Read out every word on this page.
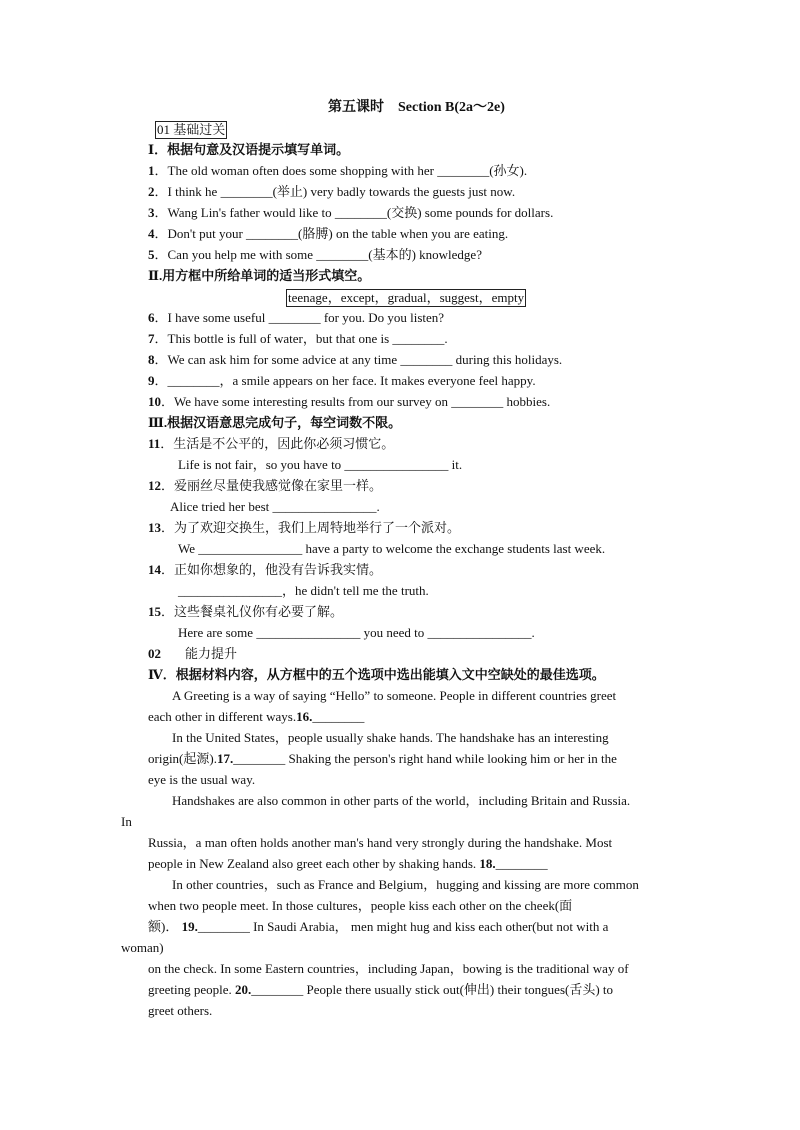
第五课时　Section B(2a～2e)
01 基础过关
Ⅰ．根据句意及汉语提示填写单词。
1．The old woman often does some shopping with her ________(孙女).
2．I think he ________(举止) very badly towards the guests just now.
3．Wang Lin's father would like to ________(交换) some pounds for dollars.
4．Don't put your ________(胳膊) on the table when you are eating.
5．Can you help me with some ________(基本的) knowledge?
Ⅱ.用方框中所给单词的适当形式填空。
teenage，except，gradual，suggest，empty
6．I have some useful ________ for you. Do you listen?
7．This bottle is full of water，but that one is ________.
8．We can ask him for some advice at any time ________ during this holidays.
9．________，a smile appears on her face. It makes everyone feel happy.
10．We have some interesting results from our survey on ________ hobbies.
Ⅲ.根据汉语意思完成句子，每空词数不限。
11．生活是不公平的，因此你必须习惯它。
Life is not fair，so you have to ________________ it.
12．爱丽丝尽量使我感觉像在家里一样。
Alice tried her best ________________.
13．为了欢迎交换生，我们上周特地举行了一个派对。
We ________________ have a party to welcome the exchange students last week.
14．正如你想象的，他没有告诉我实情。
________________，he didn't tell me the truth.
15．这些餐桌礼仪你有必要了解。
Here are some ________________ you need to ________________.
02 能力提升
Ⅳ．根据材料内容，从方框中的五个选项中选出能填入文中空缺处的最佳选项。
A Greeting is a way of saying “Hello” to someone. People in different countries greet
each other in different ways.16.________
In the United States，people usually shake hands. The handshake has an interesting
origin(起源).17.________ Shaking the person's right hand while looking him or her in the
eye is the usual way.
Handshakes are also common in other parts of the world，including Britain and Russia.
In
Russia，a man often holds another man's hand very strongly during the handshake. Most
people in New Zealand also greet each other by shaking hands. 18.________
In other countries，such as France and Belgium，hugging and kissing are more common
when two people meet. In those cultures，people kiss each other on the cheek(面
额)． 19.________ In Saudi Arabia， men might hug and kiss each other(but not with a
woman)
on the check. In some Eastern countries，including Japan，bowing is the traditional way of
greeting people. 20.________ People there usually stick out(伸出) their tongues(舌头) to
greet others.
